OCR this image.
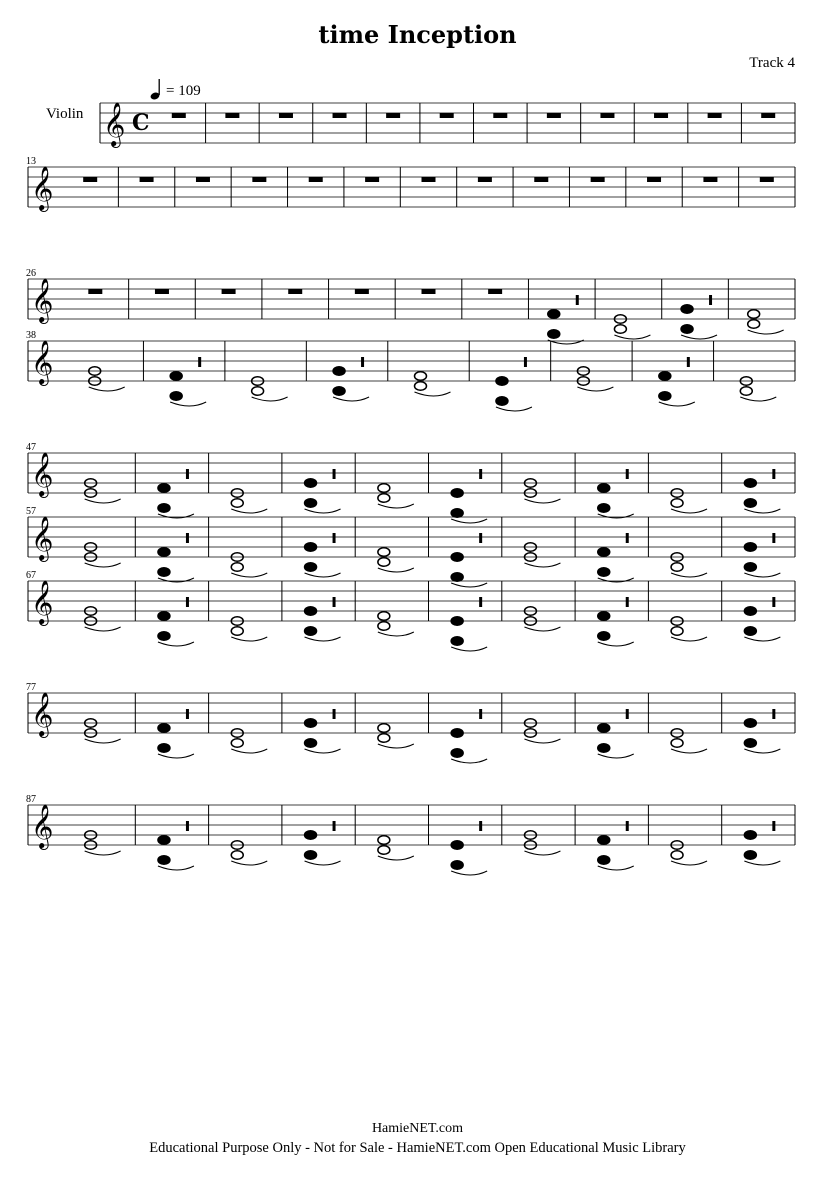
time Inception
Track 4
Violin
= 109
𝄞 C
𝄞
13
𝄞
26
𝄞
38
𝄞
47
𝄞
57
𝄞
67
𝄞
77
𝄞
87
HamieNET.com
Educational Purpose Only - Not for Sale - HamieNET.com Open Educational Music Library
